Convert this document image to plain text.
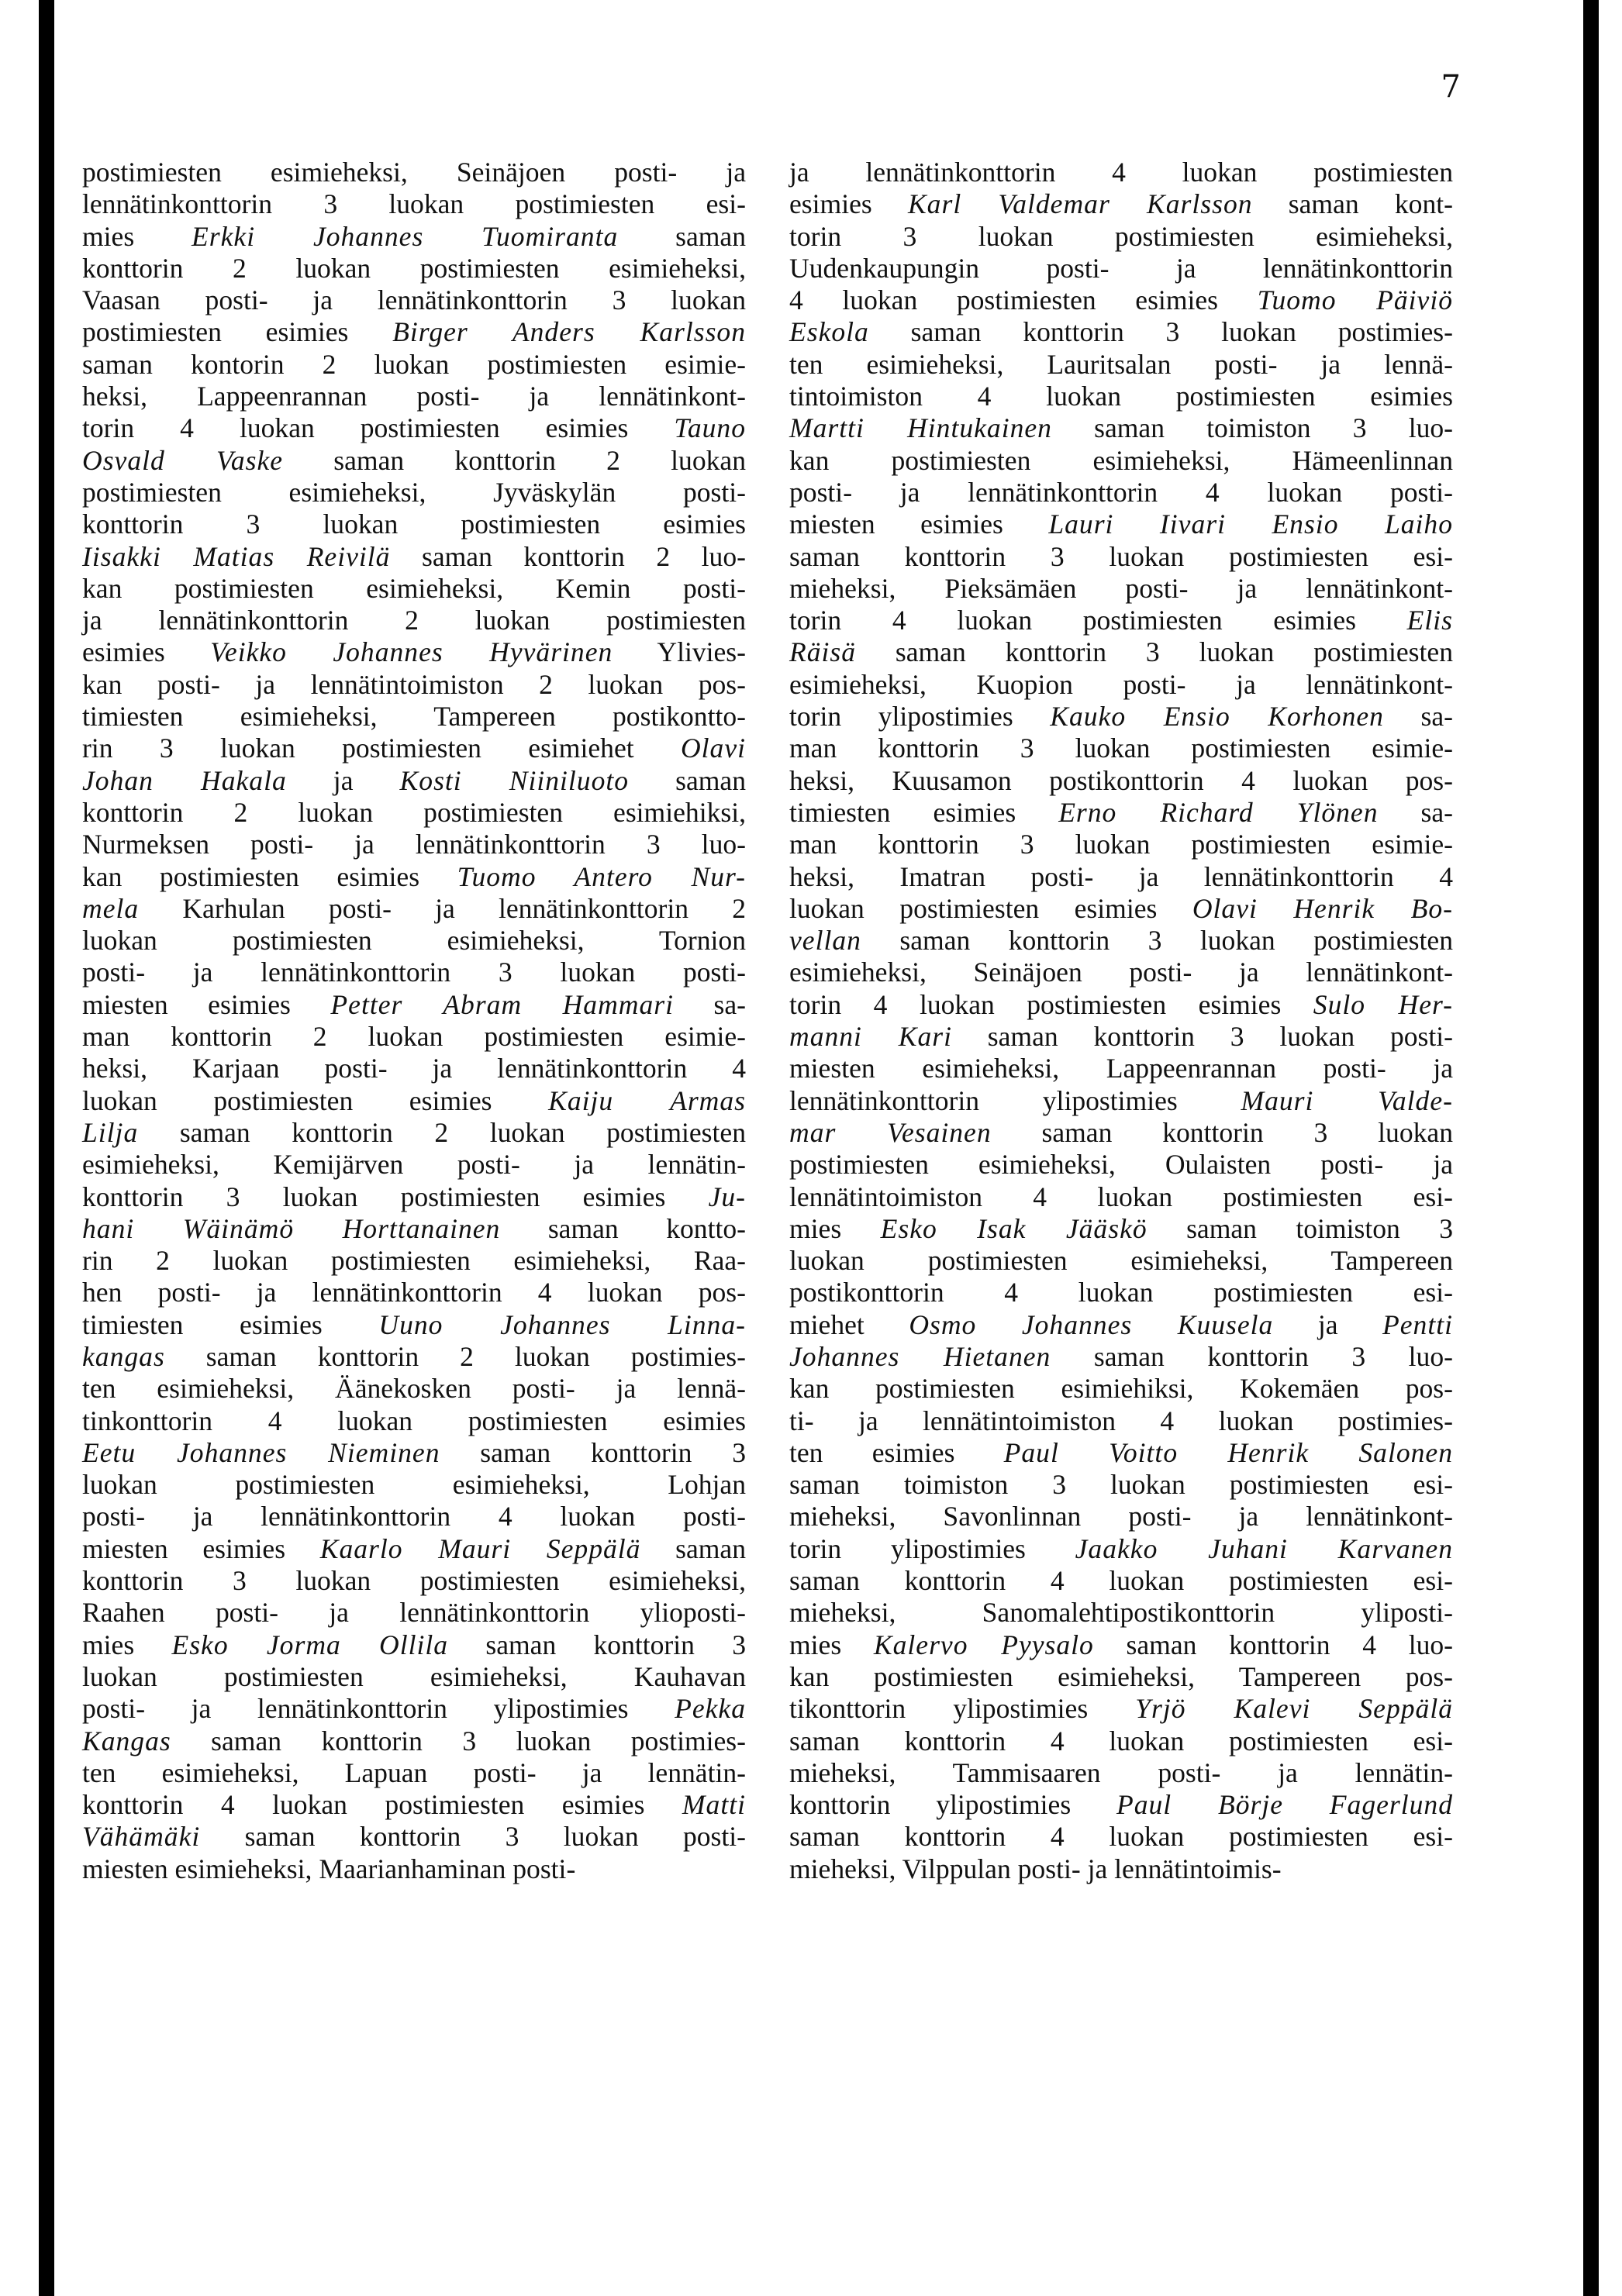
7
postimiesten esimieheksi, Seinäjoen posti- ja
lennätinkonttorin 3 luokan postimiesten esi-
mies Erkki Johannes Tuomiranta saman
konttorin 2 luokan postimiesten esimieheksi,
Vaasan posti- ja lennätinkonttorin 3 luokan
postimiesten esimies Birger Anders Karlsson
saman kontorin 2 luokan postimiesten esimie-
heksi, Lappeenrannan posti- ja lennätinkont-
torin 4 luokan postimiesten esimies Tauno
Osvald Vaske saman konttorin 2 luokan
postimiesten esimieheksi, Jyväskylän posti-
konttorin 3 luokan postimiesten esimies
Iisakki Matias Reivilä saman konttorin 2 luo-
kan postimiesten esimieheksi, Kemin posti-
ja lennätinkonttorin 2 luokan postimiesten
esimies Veikko Johannes Hyvärinen Ylivies-
kan posti- ja lennätintoimiston 2 luokan pos-
timiesten esimieheksi, Tampereen postikontto-
rin 3 luokan postimiesten esimiehet Olavi
Johan Hakala ja Kosti Niiniluoto saman
konttorin 2 luokan postimiesten esimiehiksi,
Nurmeksen posti- ja lennätinkonttorin 3 luo-
kan postimiesten esimies Tuomo Antero Nur-
mela Karhulan posti- ja lennätinkonttorin 2
luokan postimiesten esimieheksi, Tornion
posti- ja lennätinkonttorin 3 luokan posti-
miesten esimies Petter Abram Hammari sa-
man konttorin 2 luokan postimiesten esimie-
heksi, Karjaan posti- ja lennätinkonttorin 4
luokan postimiesten esimies Kaiju Armas
Lilja saman konttorin 2 luokan postimiesten
esimieheksi, Kemijärven posti- ja lennätin-
konttorin 3 luokan postimiesten esimies Ju-
hani Wäinämö Horttanainen saman kontto-
rin 2 luokan postimiesten esimieheksi, Raa-
hen posti- ja lennätinkonttorin 4 luokan pos-
timiesten esimies Uuno Johannes Linna-
kangas saman konttorin 2 luokan postimies-
ten esimieheksi, Äänekosken posti- ja lennä-
tinkonttorin 4 luokan postimiesten esimies
Eetu Johannes Nieminen saman konttorin 3
luokan postimiesten esimieheksi, Lohjan
posti- ja lennätinkonttorin 4 luokan posti-
miesten esimies Kaarlo Mauri Seppälä saman
konttorin 3 luokan postimiesten esimieheksi,
Raahen posti- ja lennätinkonttorin ylioposti-
mies Esko Jorma Ollila saman konttorin 3
luokan postimiesten esimieheksi, Kauhavan
posti- ja lennätinkonttorin ylipostimies Pekka
Kangas saman konttorin 3 luokan postimies-
ten esimieheksi, Lapuan posti- ja lennätin-
konttorin 4 luokan postimiesten esimies Matti
Vähämäki saman konttorin 3 luokan posti-
miesten esimieheksi, Maarianhaminan posti-
ja lennätinkonttorin 4 luokan postimiesten
esimies Karl Valdemar Karlsson saman kont-
torin 3 luokan postimiesten esimieheksi,
Uudenkaupungin posti- ja lennätinkonttorin
4 luokan postimiesten esimies Tuomo Päiviö
Eskola saman konttorin 3 luokan postimies-
ten esimieheksi, Lauritsalan posti- ja lennä-
tintoimiston 4 luokan postimiesten esimies
Martti Hintukainen saman toimiston 3 luo-
kan postimiesten esimieheksi, Hämeenlinnan
posti- ja lennätinkonttorin 4 luokan posti-
miesten esimies Lauri Iivari Ensio Laiho
saman konttorin 3 luokan postimiesten esi-
mieheksi, Pieksämäen posti- ja lennätinkont-
torin 4 luokan postimiesten esimies Elis
Räisä saman konttorin 3 luokan postimiesten
esimieheksi, Kuopion posti- ja lennätinkont-
torin ylipostimies Kauko Ensio Korhonen sa-
man konttorin 3 luokan postimiesten esimie-
heksi, Kuusamon postikonttorin 4 luokan pos-
timiesten esimies Erno Richard Ylönen sa-
man konttorin 3 luokan postimiesten esimie-
heksi, Imatran posti- ja lennätinkonttorin 4
luokan postimiesten esimies Olavi Henrik Bo-
vellan saman konttorin 3 luokan postimiesten
esimieheksi, Seinäjoen posti- ja lennätinkont-
torin 4 luokan postimiesten esimies Sulo Her-
manni Kari saman konttorin 3 luokan posti-
miesten esimieheksi, Lappeenrannan posti- ja
lennätinkonttorin ylipostimies Mauri Valde-
mar Vesainen saman konttorin 3 luokan
postimiesten esimieheksi, Oulaisten posti- ja
lennätintoimiston 4 luokan postimiesten esi-
mies Esko Isak Jääskö saman toimiston 3
luokan postimiesten esimieheksi, Tampereen
postikonttorin 4 luokan postimiesten esi-
miehet Osmo Johannes Kuusela ja Pentti
Johannes Hietanen saman konttorin 3 luo-
kan postimiesten esimiehiksi, Kokemäen pos-
ti- ja lennätintoimiston 4 luokan postimies-
ten esimies Paul Voitto Henrik Salonen
saman toimiston 3 luokan postimiesten esi-
mieheksi, Savonlinnan posti- ja lennätinkont-
torin ylipostimies Jaakko Juhani Karvanen
saman konttorin 4 luokan postimiesten esi-
mieheksi, Sanomalehtipostikonttorin yliposti-
mies Kalervo Pyysalo saman konttorin 4 luo-
kan postimiesten esimieheksi, Tampereen pos-
tikonttorin ylipostimies Yrjö Kalevi Seppälä
saman konttorin 4 luokan postimiesten esi-
mieheksi, Tammisaaren posti- ja lennätin-
konttorin ylipostimies Paul Börje Fagerlund
saman konttorin 4 luokan postimiesten esi-
mieheksi, Vilppulan posti- ja lennätintoimis-
